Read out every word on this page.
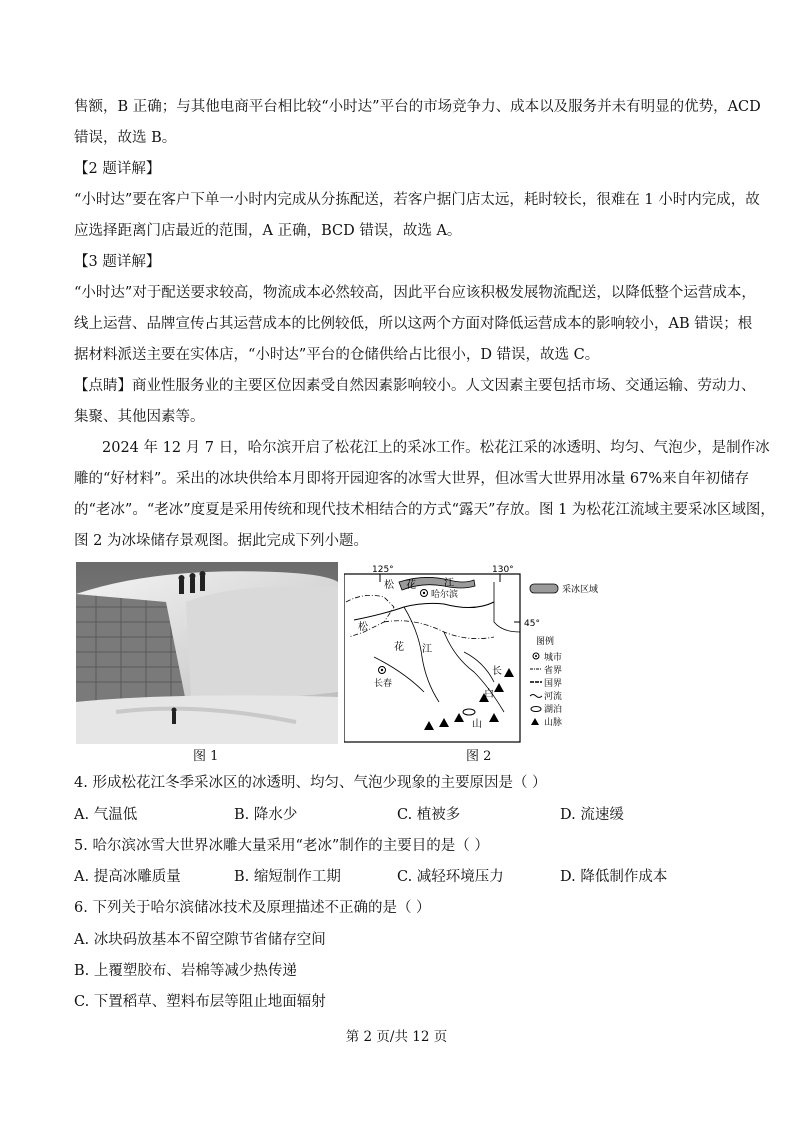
售额，B 正确；与其他电商平台相比较“小时达”平台的市场竞争力、成本以及服务并未有明显的优势，ACD

错误，故选 B。

【2 题详解】

“小时达”要在客户下单一小时内完成从分拣配送，若客户据门店太远，耗时较长，很难在 1 小时内完成，故

应选择距离门店最近的范围，A 正确，BCD 错误，故选 A。

【3 题详解】

“小时达”对于配送要求较高，物流成本必然较高，因此平台应该积极发展物流配送，以降低整个运营成本，

线上运营、品牌宣传占其运营成本的比例较低，所以这两个方面对降低运营成本的影响较小，AB 错误；根

据材料派送主要在实体店，“小时达”平台的仓储供给占比很小，D 错误，故选 C。

【点睛】商业性服务业的主要区位因素受自然因素影响较小。人文因素主要包括市场、交通运输、劳动力、

集聚、其他因素等。

2024 年 12 月 7 日，哈尔滨开启了松花江上的采冰工作。松花江采的冰透明、均匀、气泡少，是制作冰

雕的“好材料”。采出的冰块供给本月即将开园迎客的冰雪大世界，但冰雪大世界用冰量 67%来自年初储存

的“老冰”。“老冰”度夏是采用传统和现代技术相结合的方式“露天”存放。图 1 为松花江流域主要采冰区域图，

图 2 为冰垛储存景观图。据此完成下列小题。

图 1
125°	130°
45°
哈尔滨
长春
松 花	江
松
花 江
长
白
山
采冰区域
图例
城市
省界
国界
河流
湖泊
山脉
图 2

4. 形成松花江冬季采冰区的冰透明、均匀、气泡少现象的主要原因是（ ）

A. 气温低	B. 降水少	C. 植被多	D. 流速缓

5. 哈尔滨冰雪大世界冰雕大量采用“老冰”制作的主要目的是（ ）

A. 提高冰雕质量	B. 缩短制作工期	C. 减轻环境压力	D. 降低制作成本

6. 下列关于哈尔滨储冰技术及原理描述不正确的是（ ）

A. 冰块码放基本不留空隙节省储存空间
B. 上覆塑胶布、岩棉等减少热传递
C. 下置稻草、塑料布层等阻止地面辐射
第 2 页/共 12 页
